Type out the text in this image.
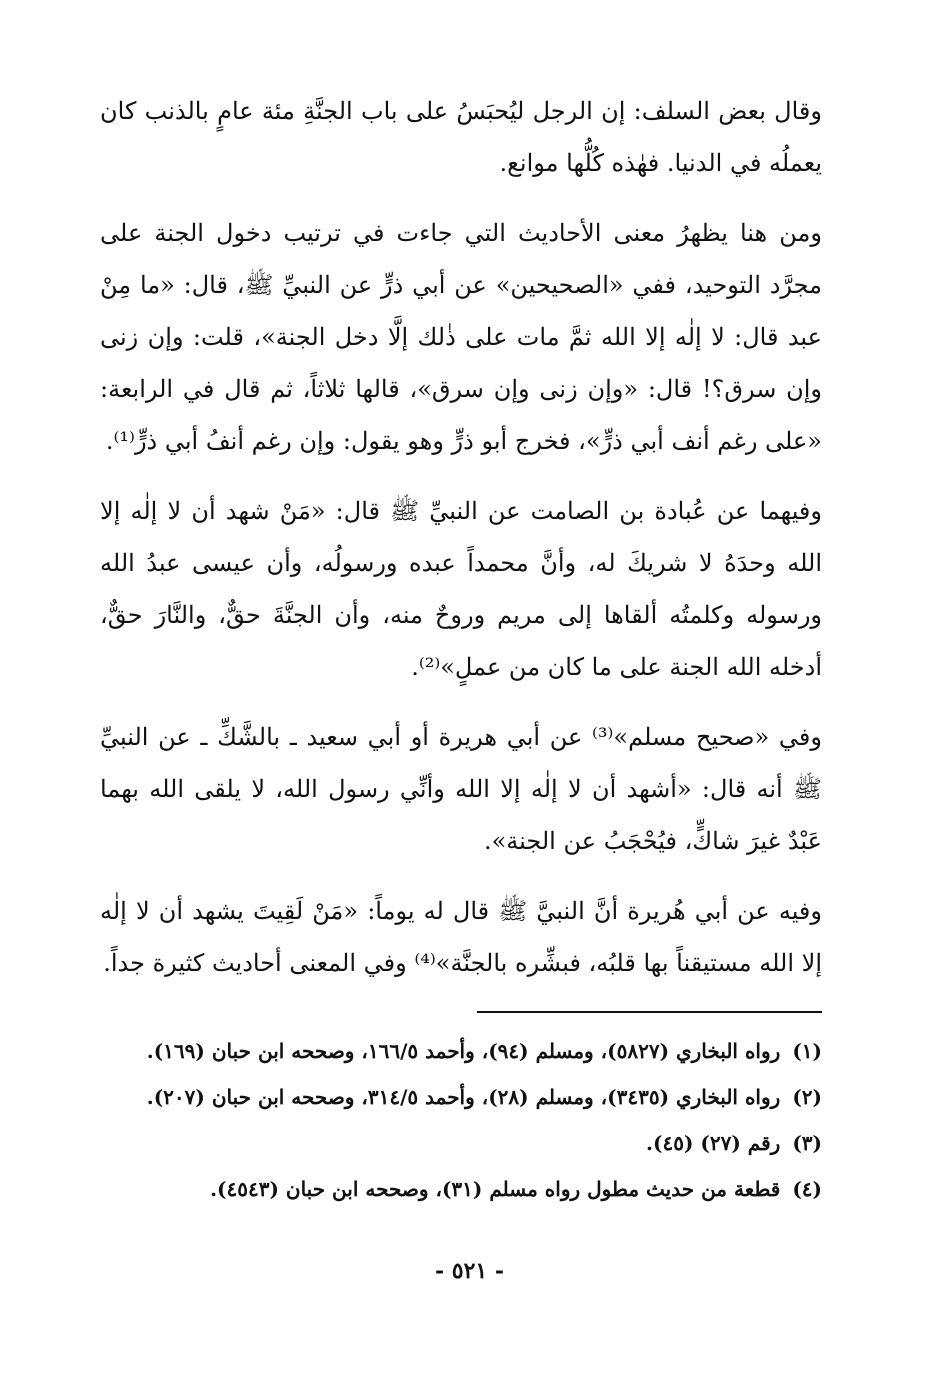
وقال بعض السلف: إن الرجل ليُحبَسُ على باب الجنَّةِ مئة عامٍ بالذنب كان يعملُه في الدنيا. فهٰذه كُلُّها موانع.

ومن هنا يظهرُ معنى الأحاديث التي جاءت في ترتيب دخول الجنة على مجرَّد التوحيد، ففي «الصحيحين» عن أبي ذرٍّ عن النبيِّ ﷺ، قال: «ما مِنْ عبد قال: لا إلٰه إلا الله ثمَّ مات على ذٰلك إلَّا دخل الجنة»، قلت: وإن زنى وإن سرق؟! قال: «وإن زنى وإن سرق»، قالها ثلاثاً، ثم قال في الرابعة: «على رغم أنف أبي ذرٍّ»، فخرج أبو ذرٍّ وهو يقول: وإن رغم أنفُ أبي ذرٍّ⁽¹⁾.

وفيهما عن عُبادة بن الصامت عن النبيِّ ﷺ قال: «مَنْ شهد أن لا إلٰه إلا الله وحدَهُ لا شريكَ له، وأنَّ محمداً عبده ورسولُه، وأن عيسى عبدُ الله ورسوله وكلمتُه ألقاها إلى مريم وروحٌ منه، وأن الجنَّةَ حقٌّ، والنَّارَ حقٌّ، أدخله الله الجنة على ما كان من عملٍ»⁽²⁾.

وفي «صحيح مسلم»⁽³⁾ عن أبي هريرة أو أبي سعيد ـ بالشَّكِّ ـ عن النبيِّ ﷺ أنه قال: «أشهد أن لا إلٰه إلا الله وأنِّي رسول الله، لا يلقى الله بهما عَبْدٌ غيرَ شاكٍّ، فيُحْجَبُ عن الجنة».

وفيه عن أبي هُريرة أنَّ النبيَّ ﷺ قال له يوماً: «مَنْ لَقِيتَ يشهد أن لا إلٰه إلا الله مستيقناً بها قلبُه، فبشِّره بالجنَّة»⁽⁴⁾ وفي المعنى أحاديث كثيرة جداً.

(١)رواه البخاري (٥٨٢٧)، ومسلم (٩٤)، وأحمد ١٦٦/٥، وصححه ابن حبان (١٦٩).
(٢)رواه البخاري (٣٤٣٥)، ومسلم (٢٨)، وأحمد ٣١٤/٥، وصححه ابن حبان (٢٠٧).
(٣)رقم (٢٧) (٤٥).
(٤)قطعة من حديث مطول رواه مسلم (٣١)، وصححه ابن حبان (٤٥٤٣).
- ٥٢١ -
